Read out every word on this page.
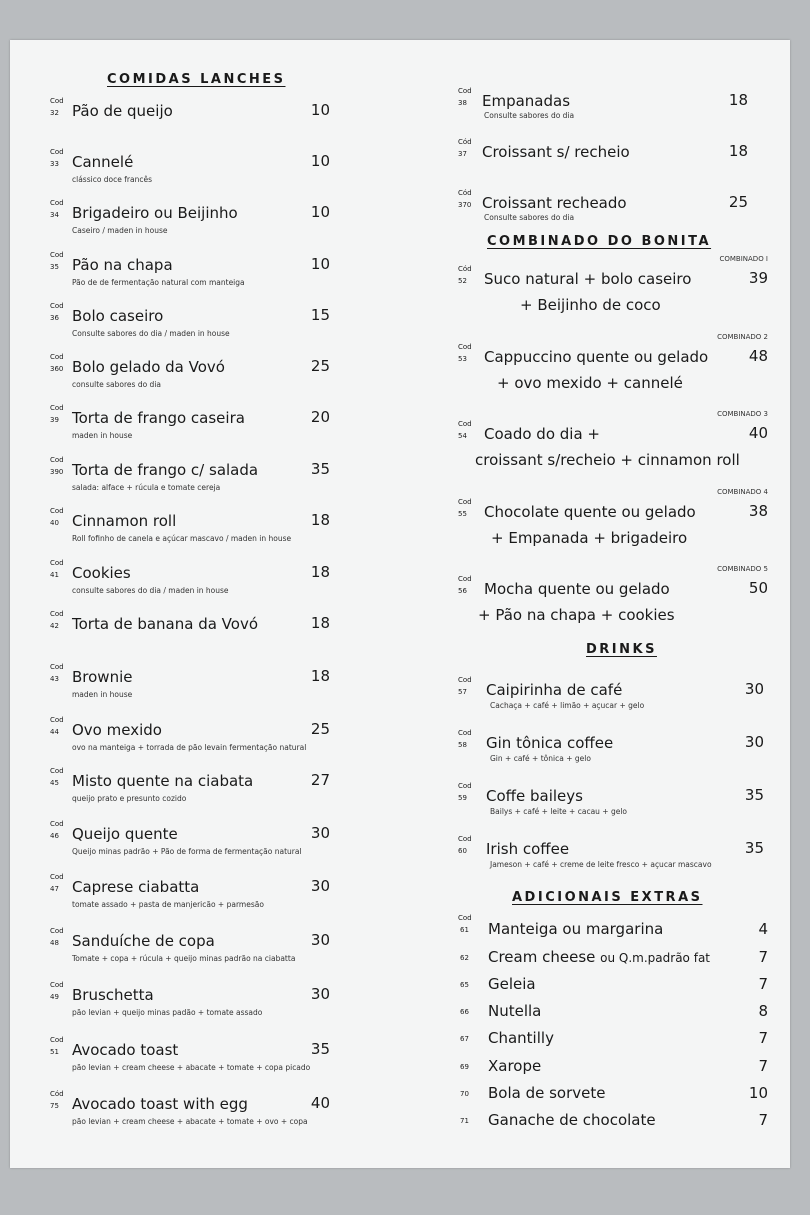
COMIDAS LANCHES
Cod
32 Pão de queijo	10
Cod
33 Cannelé	10
clássico doce francês
Cod
34 Brigadeiro ou Beijinho	10
Caseiro / maden in house
Cod
35 Pão na chapa	10
Pão de de fermentação natural com manteiga
Cod
36 Bolo caseiro	15
Consulte sabores do dia / maden in house
Cod
360 Bolo gelado da Vovó	25
consulte sabores do dia
Cod
39 Torta de frango caseira	20
maden in house
Cod
390 Torta de frango c/ salada	35
salada: alface + rúcula e tomate cereja
Cod
40 Cinnamon roll	18
Roll fofinho de canela e açúcar mascavo / maden in house
Cod
41 Cookies	18
consulte sabores do dia / maden in house
Cod
42 Torta de banana da Vovó	18
Cod
43 Brownie	18
maden in house
Cod
44 Ovo mexido	25
ovo na manteiga + torrada de pão levain fermentação natural
Cod
45 Misto quente na ciabata	27
queijo prato e presunto cozido
Cod
46 Queijo quente	30
Queijo minas padrão + Pão de forma de fermentação natural
Cod
47 Caprese ciabatta	30
tomate assado + pasta de manjericão + parmesão
Cod
48 Sanduíche de copa	30
Tomate + copa + rúcula + queijo minas padrão na ciabatta
Cod
49 Bruschetta	30
pão levian + queijo minas padão + tomate assado
Cod
51 Avocado toast	35
pão levian + cream cheese + abacate + tomate + copa picado
Cód
75 Avocado toast with egg	40
pão levian + cream cheese + abacate + tomate + ovo + copa
Cod
38 Empanadas	18
Consulte sabores do dia
Cód
37 Croissant s/ recheio	18
Cód
370 Croissant recheado	25
Consulte sabores do dia
COMBINADO DO BONITA
COMBINADO I
Cód
52 Suco natural + bolo caseiro	39
+ Beijinho de coco
COMBINADO 2
Cod
53 Cappuccino quente ou gelado	48
+ ovo mexido + cannelé
COMBINADO 3
Cod
54 Coado do dia +	40
croissant s/recheio + cinnamon roll
COMBINADO 4
Cod
55 Chocolate quente ou gelado	38
+ Empanada + brigadeiro
COMBINADO 5
Cod
56 Mocha quente ou gelado	50
+ Pão na chapa + cookies
DRINKS
Cod
57 Caipirinha de café	30
Cachaça + café + limão + açucar + gelo
Cod
58 Gin tônica coffee	30
Gin + café + tônica + gelo
Cod
59 Coffe baileys	35
Bailys + café + leite + cacau + gelo
Cod
60 Irish coffee	35
Jameson + café + creme de leite fresco + açucar mascavo
ADICIONAIS EXTRAS
Cod
61 Manteiga ou margarina	4
62 Cream cheese ou Q.m.padrão fat	7
65 Geleia	7
66 Nutella	8
67 Chantilly	7
69 Xarope	7
70 Bola de sorvete	10
71 Ganache de chocolate	7
